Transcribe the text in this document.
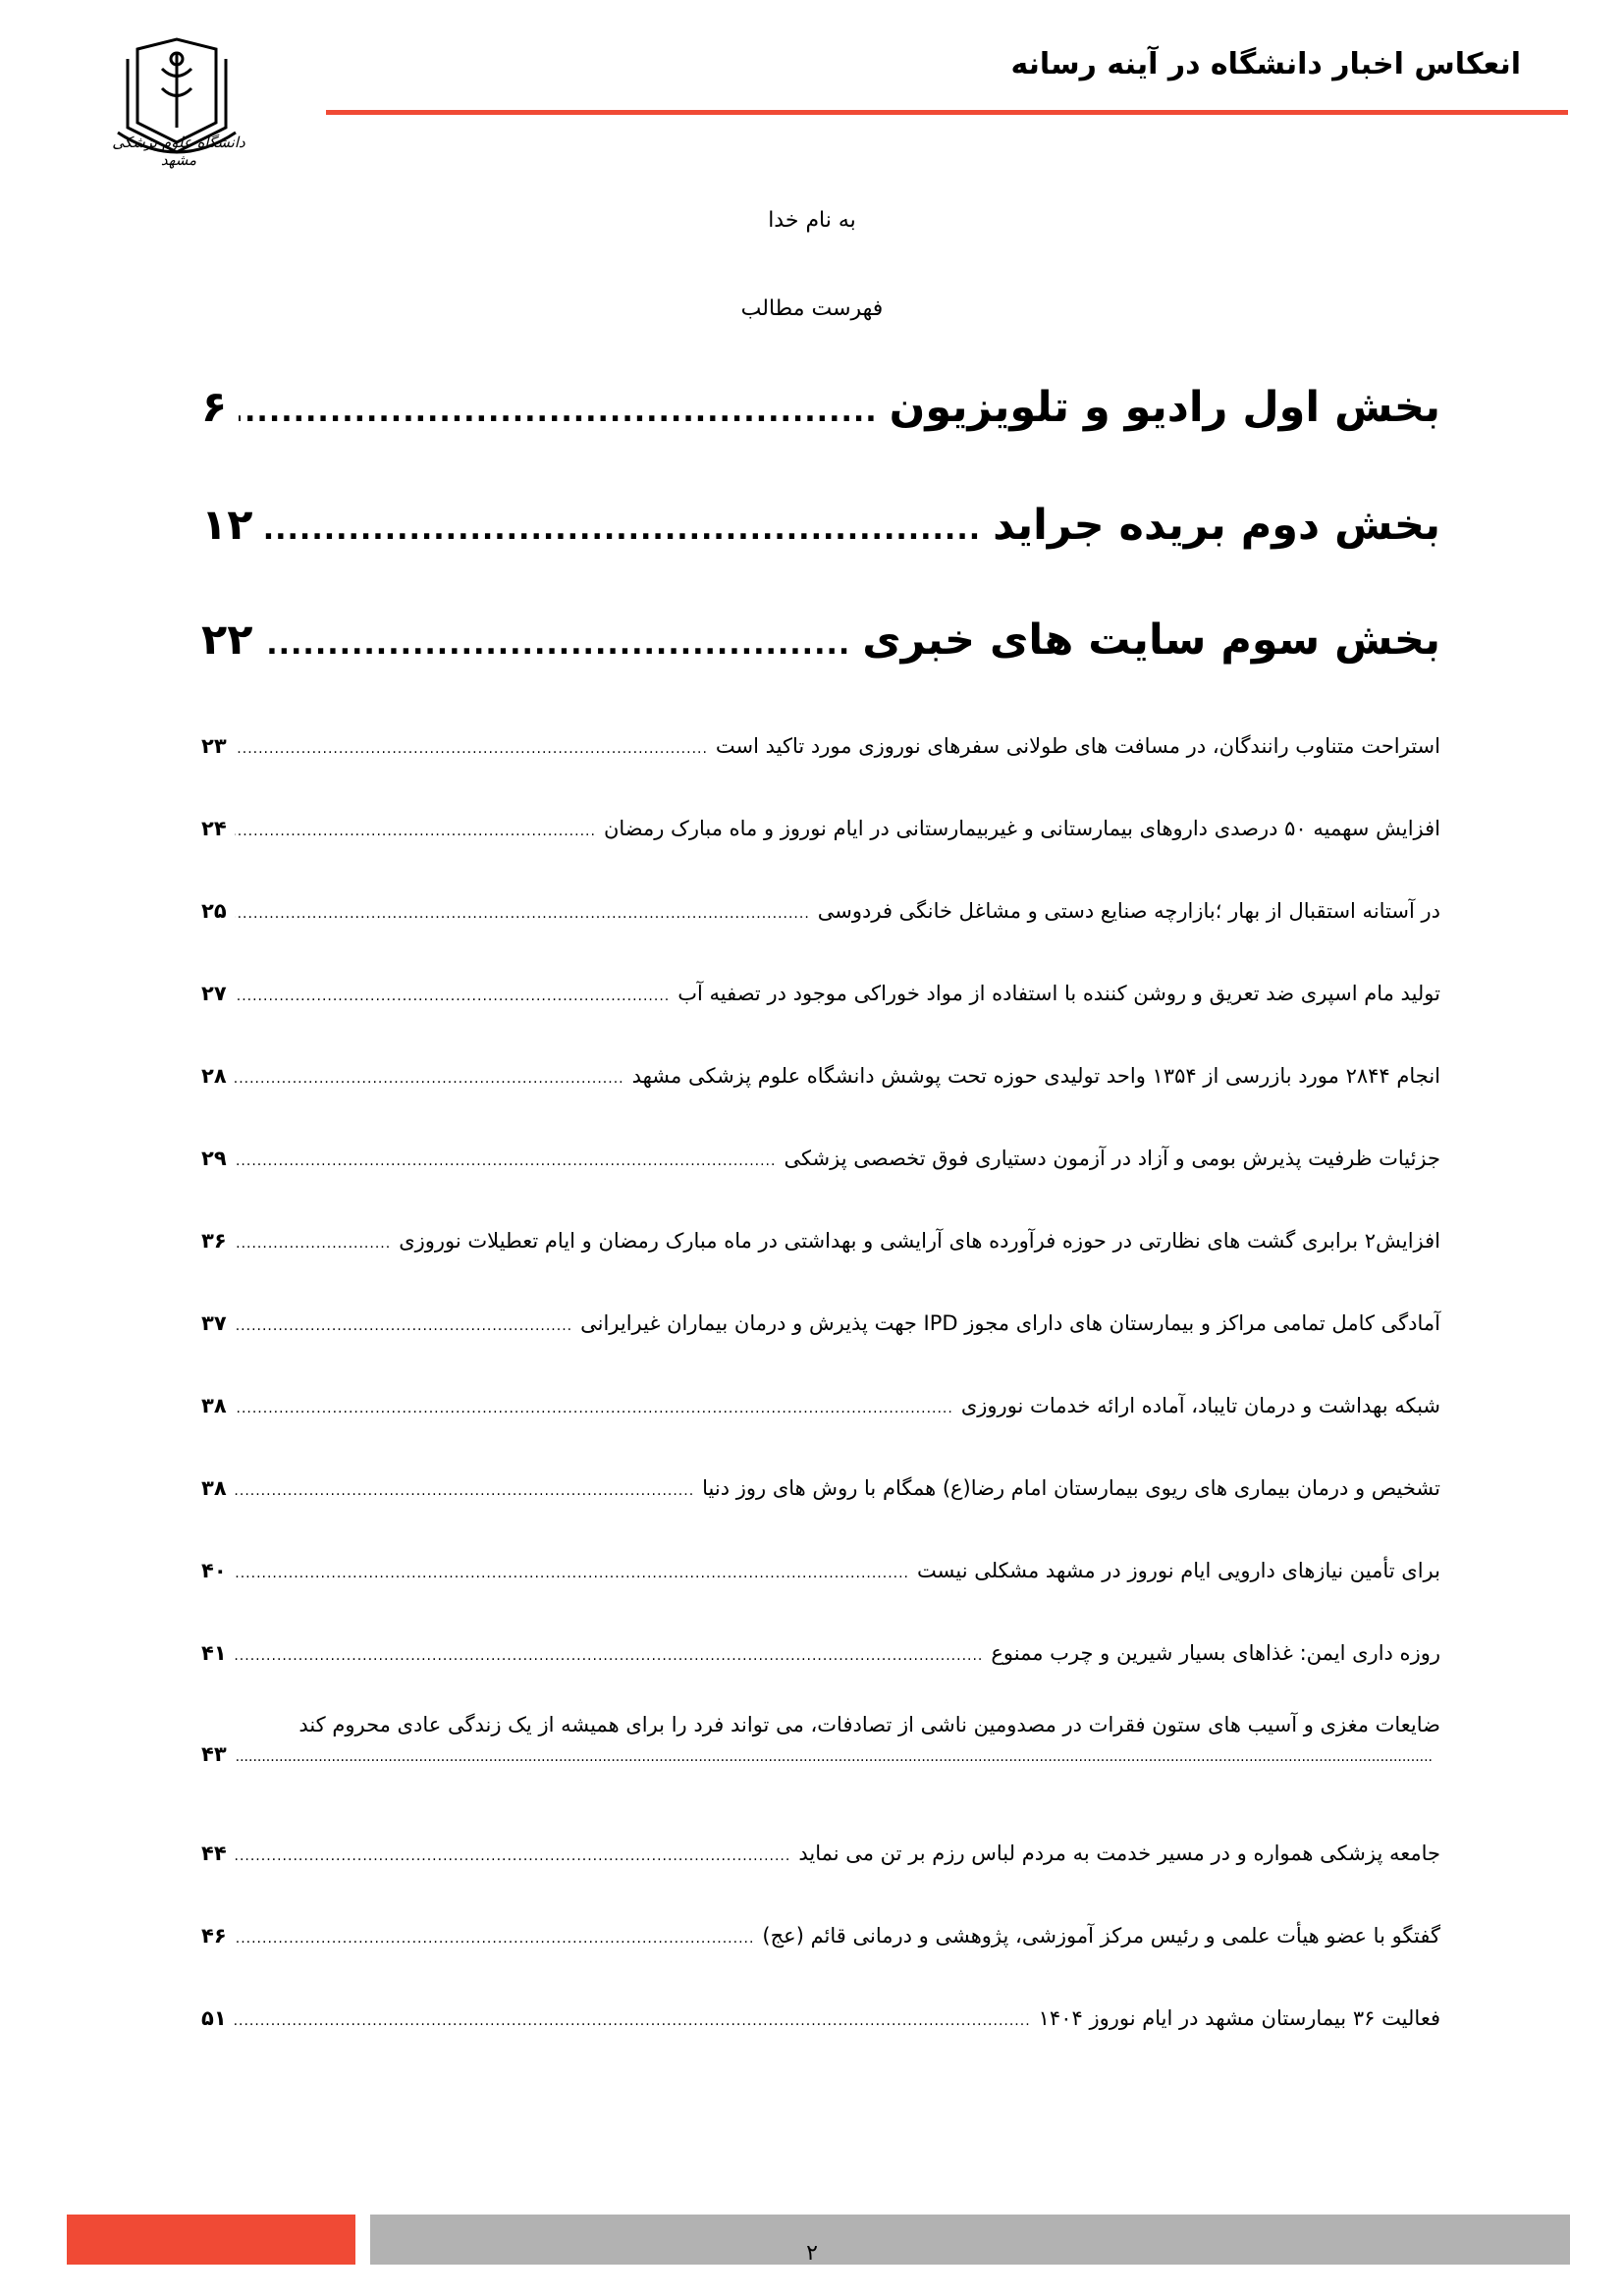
انعکاس اخبار دانشگاه در آینه رسانه
دانشگاه علوم پزشکی مشهد
به نام خدا
فهرست مطالب
بخش اول رادیو و تلویزیون
.....
۶
بخش دوم بریده جراید
.....
۱۲
بخش سوم سایت های خبری
.....
۲۲
استراحت متناوب رانندگان، در مسافت های طولانی سفرهای نوروزی مورد تاکید است
.....
۲۳
افزایش سهمیه ۵۰ درصدی داروهای بیمارستانی و غیربیمارستانی در ایام نوروز و ماه مبارک رمضان
.....
۲۴
در آستانه استقبال از بهار ؛بازارچه صنایع دستی و مشاغل خانگی فردوسی
.....
۲۵
تولید مام اسپری ضد تعریق و روشن کننده با استفاده از مواد خوراکی موجود در تصفیه آب
.....
۲۷
انجام ۲۸۴۴ مورد بازرسی از ۱۳۵۴ واحد تولیدی حوزه تحت پوشش دانشگاه علوم پزشکی مشهد
.....
۲۸
جزئیات ظرفیت پذیرش بومی و آزاد در آزمون دستیاری فوق تخصصی پزشکی
.....
۲۹
افزایش۲ برابری گشت های نظارتی در حوزه فرآورده های آرایشی و بهداشتی در ماه مبارک رمضان و ایام تعطیلات نوروزی
.....
۳۶
آمادگی کامل تمامی مراکز و بیمارستان های دارای مجوز IPD جهت پذیرش و درمان بیماران غیرایرانی
.....
۳۷
شبکه بهداشت و درمان تایباد، آماده ارائه خدمات نوروزی
.....
۳۸
تشخیص و درمان بیماری های ریوی بیمارستان امام رضا(ع) همگام با روش های روز دنیا
.....
۳۸
برای تأمین نیازهای دارویی ایام نوروز در مشهد مشکلی نیست
.....
۴۰
روزه داری ایمن: غذاهای بسیار شیرین و چرب ممنوع
.....
۴۱
ضایعات مغزی و آسیب های ستون فقرات در مصدومین ناشی از تصادفات، می تواند فرد را برای همیشه از یک زندگی عادی محروم کند
.....
۴۳
جامعه پزشکی همواره و در مسیر خدمت به مردم لباس رزم بر تن می نماید
.....
۴۴
گفتگو با عضو هیأت علمی و رئیس مرکز آموزشی، پژوهشی و درمانی قائم (عج)
.....
۴۶
فعالیت ۳۶ بیمارستان مشهد در ایام نوروز ۱۴۰۴
.....
۵۱
۲
